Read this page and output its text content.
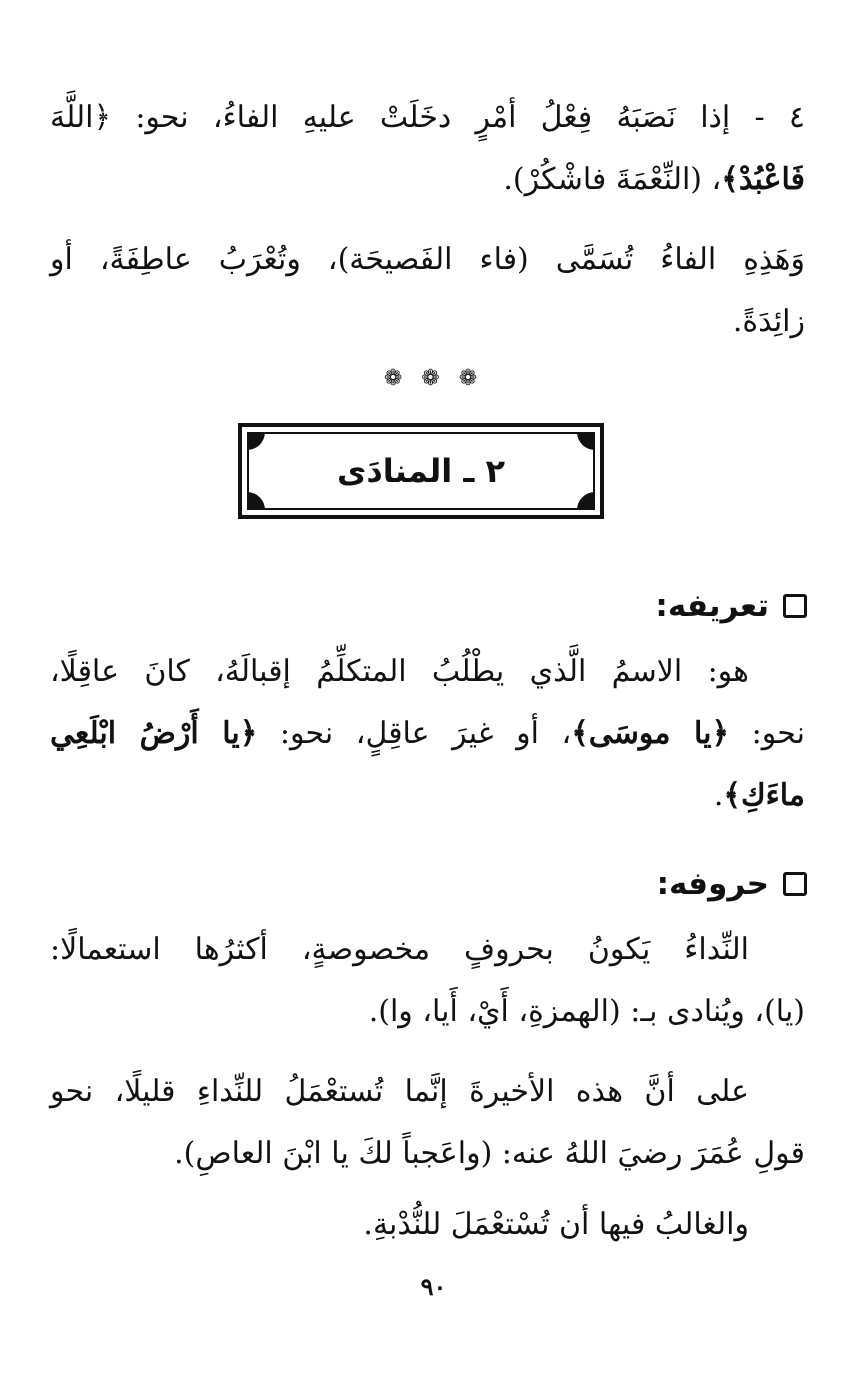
٤ - إذا نَصَبَهُ فِعْلُ أمْرٍ دخَلَتْ عليهِ الفاءُ، نحو: ﴿اللَّهَ
فَاعْبُدْ﴾، (النِّعْمَةَ فاشْكُرْ).
وَهَذِهِ الفاءُ تُسَمَّى (فاء الفَصيحَة)، وتُعْرَبُ عاطِفَةً، أو
زائِدَةً.
❁ ❁ ❁
٢ ـ المنادَى
تعريفه:
هو: الاسمُ الَّذي يطْلُبُ المتكلِّمُ إقبالَهُ، كانَ عاقِلًا،
نحو: ﴿يا موسَى﴾، أو غيرَ عاقِلٍ، نحو: ﴿يا أَرْضُ ابْلَعِي
ماءَكِ﴾.
حروفه:
النِّداءُ يَكونُ بحروفٍ مخصوصةٍ، أكثرُها استعمالًا:
(يا)، ويُنادى بـ: (الهمزةِ، أَيْ، أَيا، وا).
على أنَّ هذه الأخيرةَ إنَّما تُستعْمَلُ للنِّداءِ قليلًا، نحو
قولِ عُمَرَ رضيَ اللهُ عنه: (واعَجباً لكَ يا ابْنَ العاصِ).
والغالبُ فيها أن تُسْتعْمَلَ للنُّدْبةِ.
٩٠
